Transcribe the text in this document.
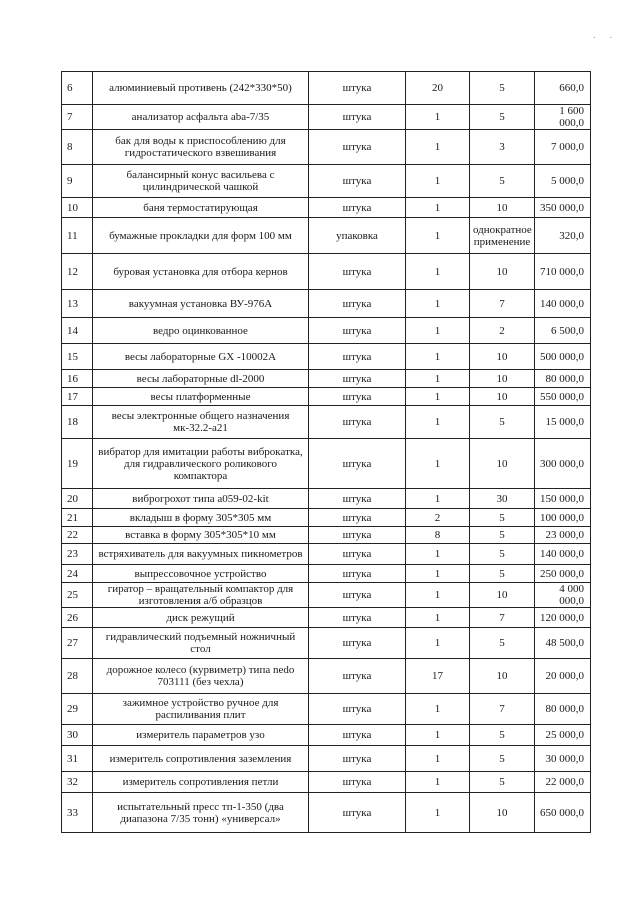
. .
6	алюминиевый противень (242*330*50)	штука	20	5	660,0
7	анализатор асфальта aba-7/35	штука	1	5	1 600 000,0
8	бак для воды к приспособлению для гидростатического взвешивания	штука	1	3	7 000,0
9	балансирный конус васильева с цилиндрической чашкой	штука	1	5	5 000,0
10	баня термостатирующая	штука	1	10	350 000,0
11	бумажные прокладки для форм 100 мм	упаковка	1	однократное применение	320,0
12	буровая установка для отбора кернов	штука	1	10	710 000,0
13	вакуумная установка ВУ-976А	штука	1	7	140 000,0
14	ведро оцинкованное	штука	1	2	6 500,0
15	весы лабораторные GX -10002A	штука	1	10	500 000,0
16	весы лабораторные dl-2000	штука	1	10	80 000,0
17	весы платформенные	штука	1	10	550 000,0
18	весы электронные общего назначения мк-32.2-а21	штука	1	5	15 000,0
19	вибратор для имитации работы виброкатка, для гидравлического роликового компактора	штука	1	10	300 000,0
20	виброгрохот типа а059-02-kit	штука	1	30	150 000,0
21	вкладыш в форму 305*305 мм	штука	2	5	100 000,0
22	вставка в форму 305*305*10 мм	штука	8	5	23 000,0
23	встряхиватель для вакуумных пикнометров	штука	1	5	140 000,0
24	выпрессовочное устройство	штука	1	5	250 000,0
25	гиратор – вращательный компактор для изготовления а/б образцов	штука	1	10	4 000 000,0
26	диск режущий	штука	1	7	120 000,0
27	гидравлический подъемный ножничный стол	штука	1	5	48 500,0
28	дорожное колесо (курвиметр) типа nedo 703111 (без чехла)	штука	17	10	20 000,0
29	зажимное устройство ручное для распиливания плит	штука	1	7	80 000,0
30	измеритель параметров узо	штука	1	5	25 000,0
31	измеритель сопротивления заземления	штука	1	5	30 000,0
32	измеритель сопротивления петли	штука	1	5	22 000,0
33	испытательный пресс тп-1-350 (два диапазона 7/35 тонн) «универсал»	штука	1	10	650 000,0
